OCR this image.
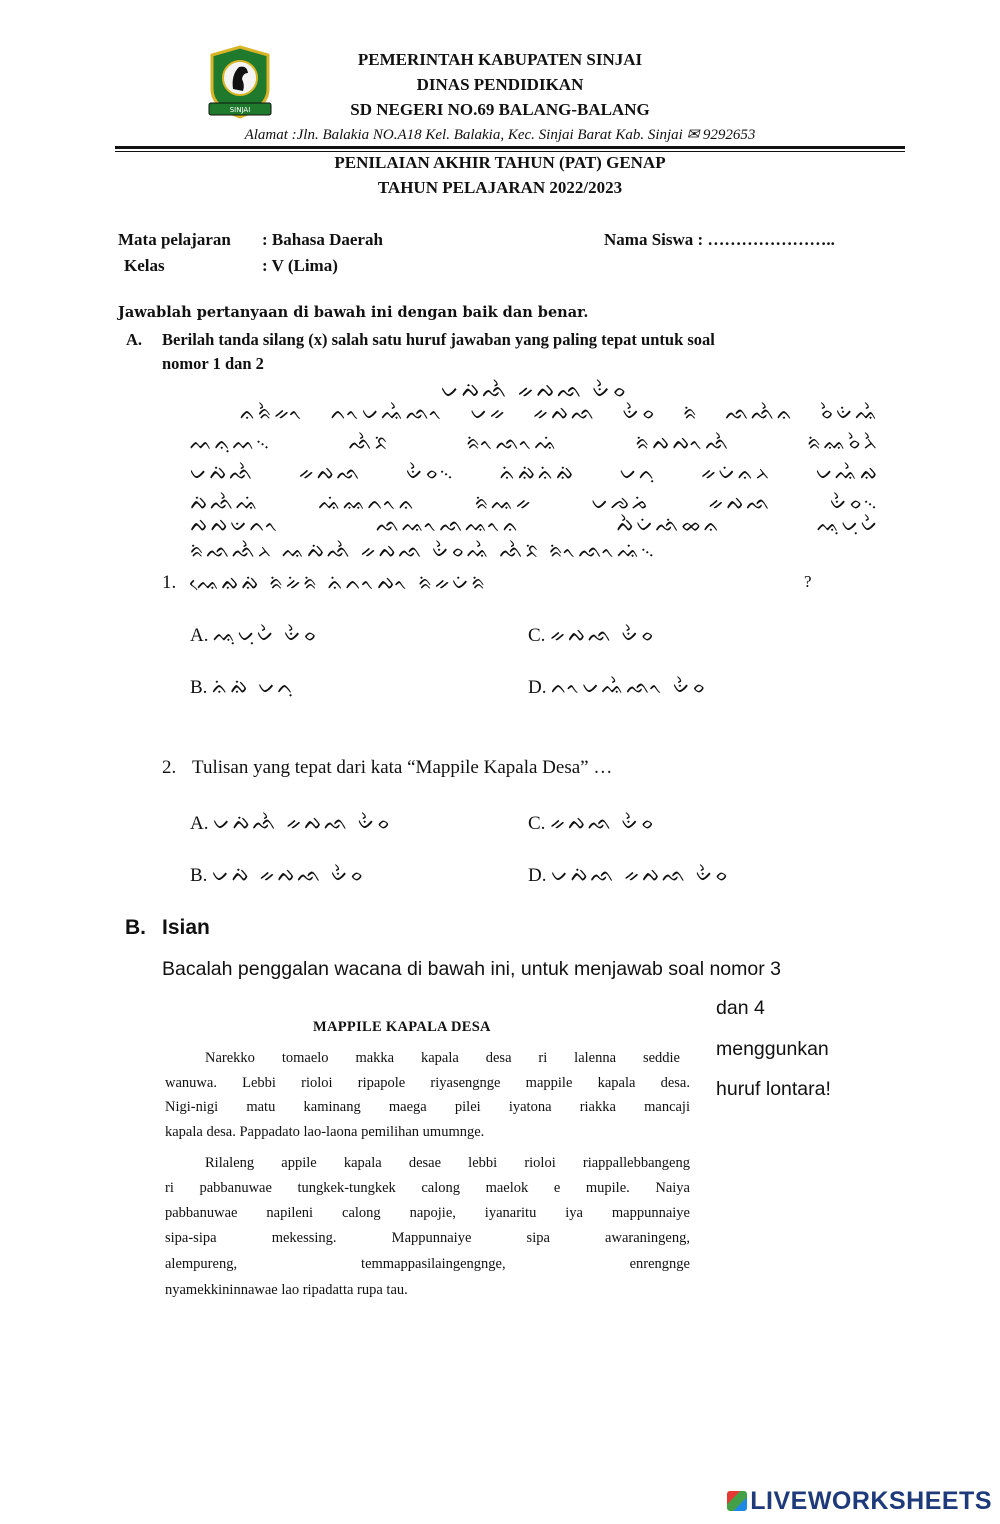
SINJAI
PEMERINTAH KABUPATEN SINJAI
DINAS PENDIDIKAN
SD NEGERI NO.69 BALANG-BALANG
Alamat :Jln. Balakia NO.A18 Kel. Balakia, Kec. Sinjai Barat Kab. Sinjai ✉ 9292653
PENILAIAN AKHIR TAHUN (PAT) GENAP
TAHUN PELAJARAN 2022/2023
Mata pelajaran : Bahasa Daerah
Kelas	: V (Lima)
Nama Siswa : …………………..
Jawablah pertanyaan di bawah ini dengan baik dan benar.
A. Berilah tanda silang (x) salah satu huruf jawaban yang paling tepat untuk soal
nomor 1 dan 2
ᨆᨄᨗᨒᨛ ᨀᨄᨒ ᨉᨛᨔ
ᨊᨑᨛᨀᨚ ᨈᨚᨆᨕᨛᨒᨚ ᨆᨀ ᨀᨄᨒ ᨉᨛᨔ ᨑᨗ ᨒᨒᨛᨊ ᨔᨛᨉᨗᨕᨛ
ᨓᨊᨘᨓ᨞ ᨒᨛᨅᨗ ᨑᨗᨚᨒᨚᨕᨗ ᨑᨗᨄᨄᨚᨒᨛ ᨑᨗᨐᨔᨛᨂᨛ
ᨆᨄᨗᨒᨛ ᨀᨄᨒ ᨉᨛᨔ᨞ ᨊᨗᨁᨗᨊᨗᨁᨗ ᨆᨈᨘ ᨀᨆᨗᨊᨂ ᨆᨕᨛᨁ
ᨄᨗᨒᨛᨕᨗ ᨕᨗᨐᨈᨚᨊ ᨑᨗᨕᨀ ᨆᨌᨍᨗ ᨀᨄᨒ ᨉᨛᨔ᨞
ᨄᨄᨉᨈᨚ ᨒᨕᨚᨒᨕᨚᨊ ᨄᨛᨆᨗᨒᨗᨖᨊ ᨕᨘᨆᨘᨆᨛ
ᨑᨗᨒᨒᨛᨂ ᨕᨄᨗᨒᨛ ᨀᨄᨒ ᨉᨛᨔᨕᨛ ᨒᨛᨅᨗ ᨑᨗᨚᨒᨚᨕᨗ᨞
1. ᨕᨙᨁᨁᨗ ᨑᨗᨀᨗᨑᨗ ᨊᨗᨈᨚᨄᨚ ᨑᨗᨀᨆᨗᨑᨗ	?
A. ᨕᨘᨆᨘᨆᨛ ᨉᨛᨔ
B. ᨊᨗᨁᨗ ᨆᨈᨘ
C. ᨀᨄᨒ ᨉᨛᨔ
D. ᨈᨚᨆᨕᨛᨒᨚ ᨉᨛᨔ
2. Tulisan yang tepat dari kata “Mappile Kapala Desa” …
A. ᨆᨄᨗᨒᨛ ᨀᨄᨒ ᨉᨛᨔ
B. ᨆᨄᨗ ᨀᨄᨒ ᨉᨛᨔ
C. ᨀᨄᨒ ᨉᨛᨔ
D. ᨆᨄᨗᨒ ᨀᨄᨒ ᨉᨛᨔ
B. Isian
Bacalah penggalan wacana di bawah ini, untuk menjawab soal nomor 3
dan 4
menggunkan
huruf lontara!
MAPPILE KAPALA DESA
Narekko tomaelo makka kapala desa ri lalenna seddie
wanuwa. Lebbi rioloi ripapole riyasengnge mappile kapala desa.
Nigi-nigi matu kaminang maega pilei iyatona riakka mancaji
kapala desa. Pappadato lao-laona pemilihan umumnge.
Rilaleng appile kapala desae lebbi rioloi riappallebbangeng
ri pabbanuwae tungkek-tungkek calong maelok e mupile. Naiya
pabbanuwae napileni calong napojie, iyanaritu iya mappunnaiye
sipa-sipa mekessing. Mappunnaiye sipa awaraningeng,
alempureng, temmappasilaingengnge, enrengnge
nyamekkininnawae lao ripadatta rupa tau.
LIVEWORKSHEETS
